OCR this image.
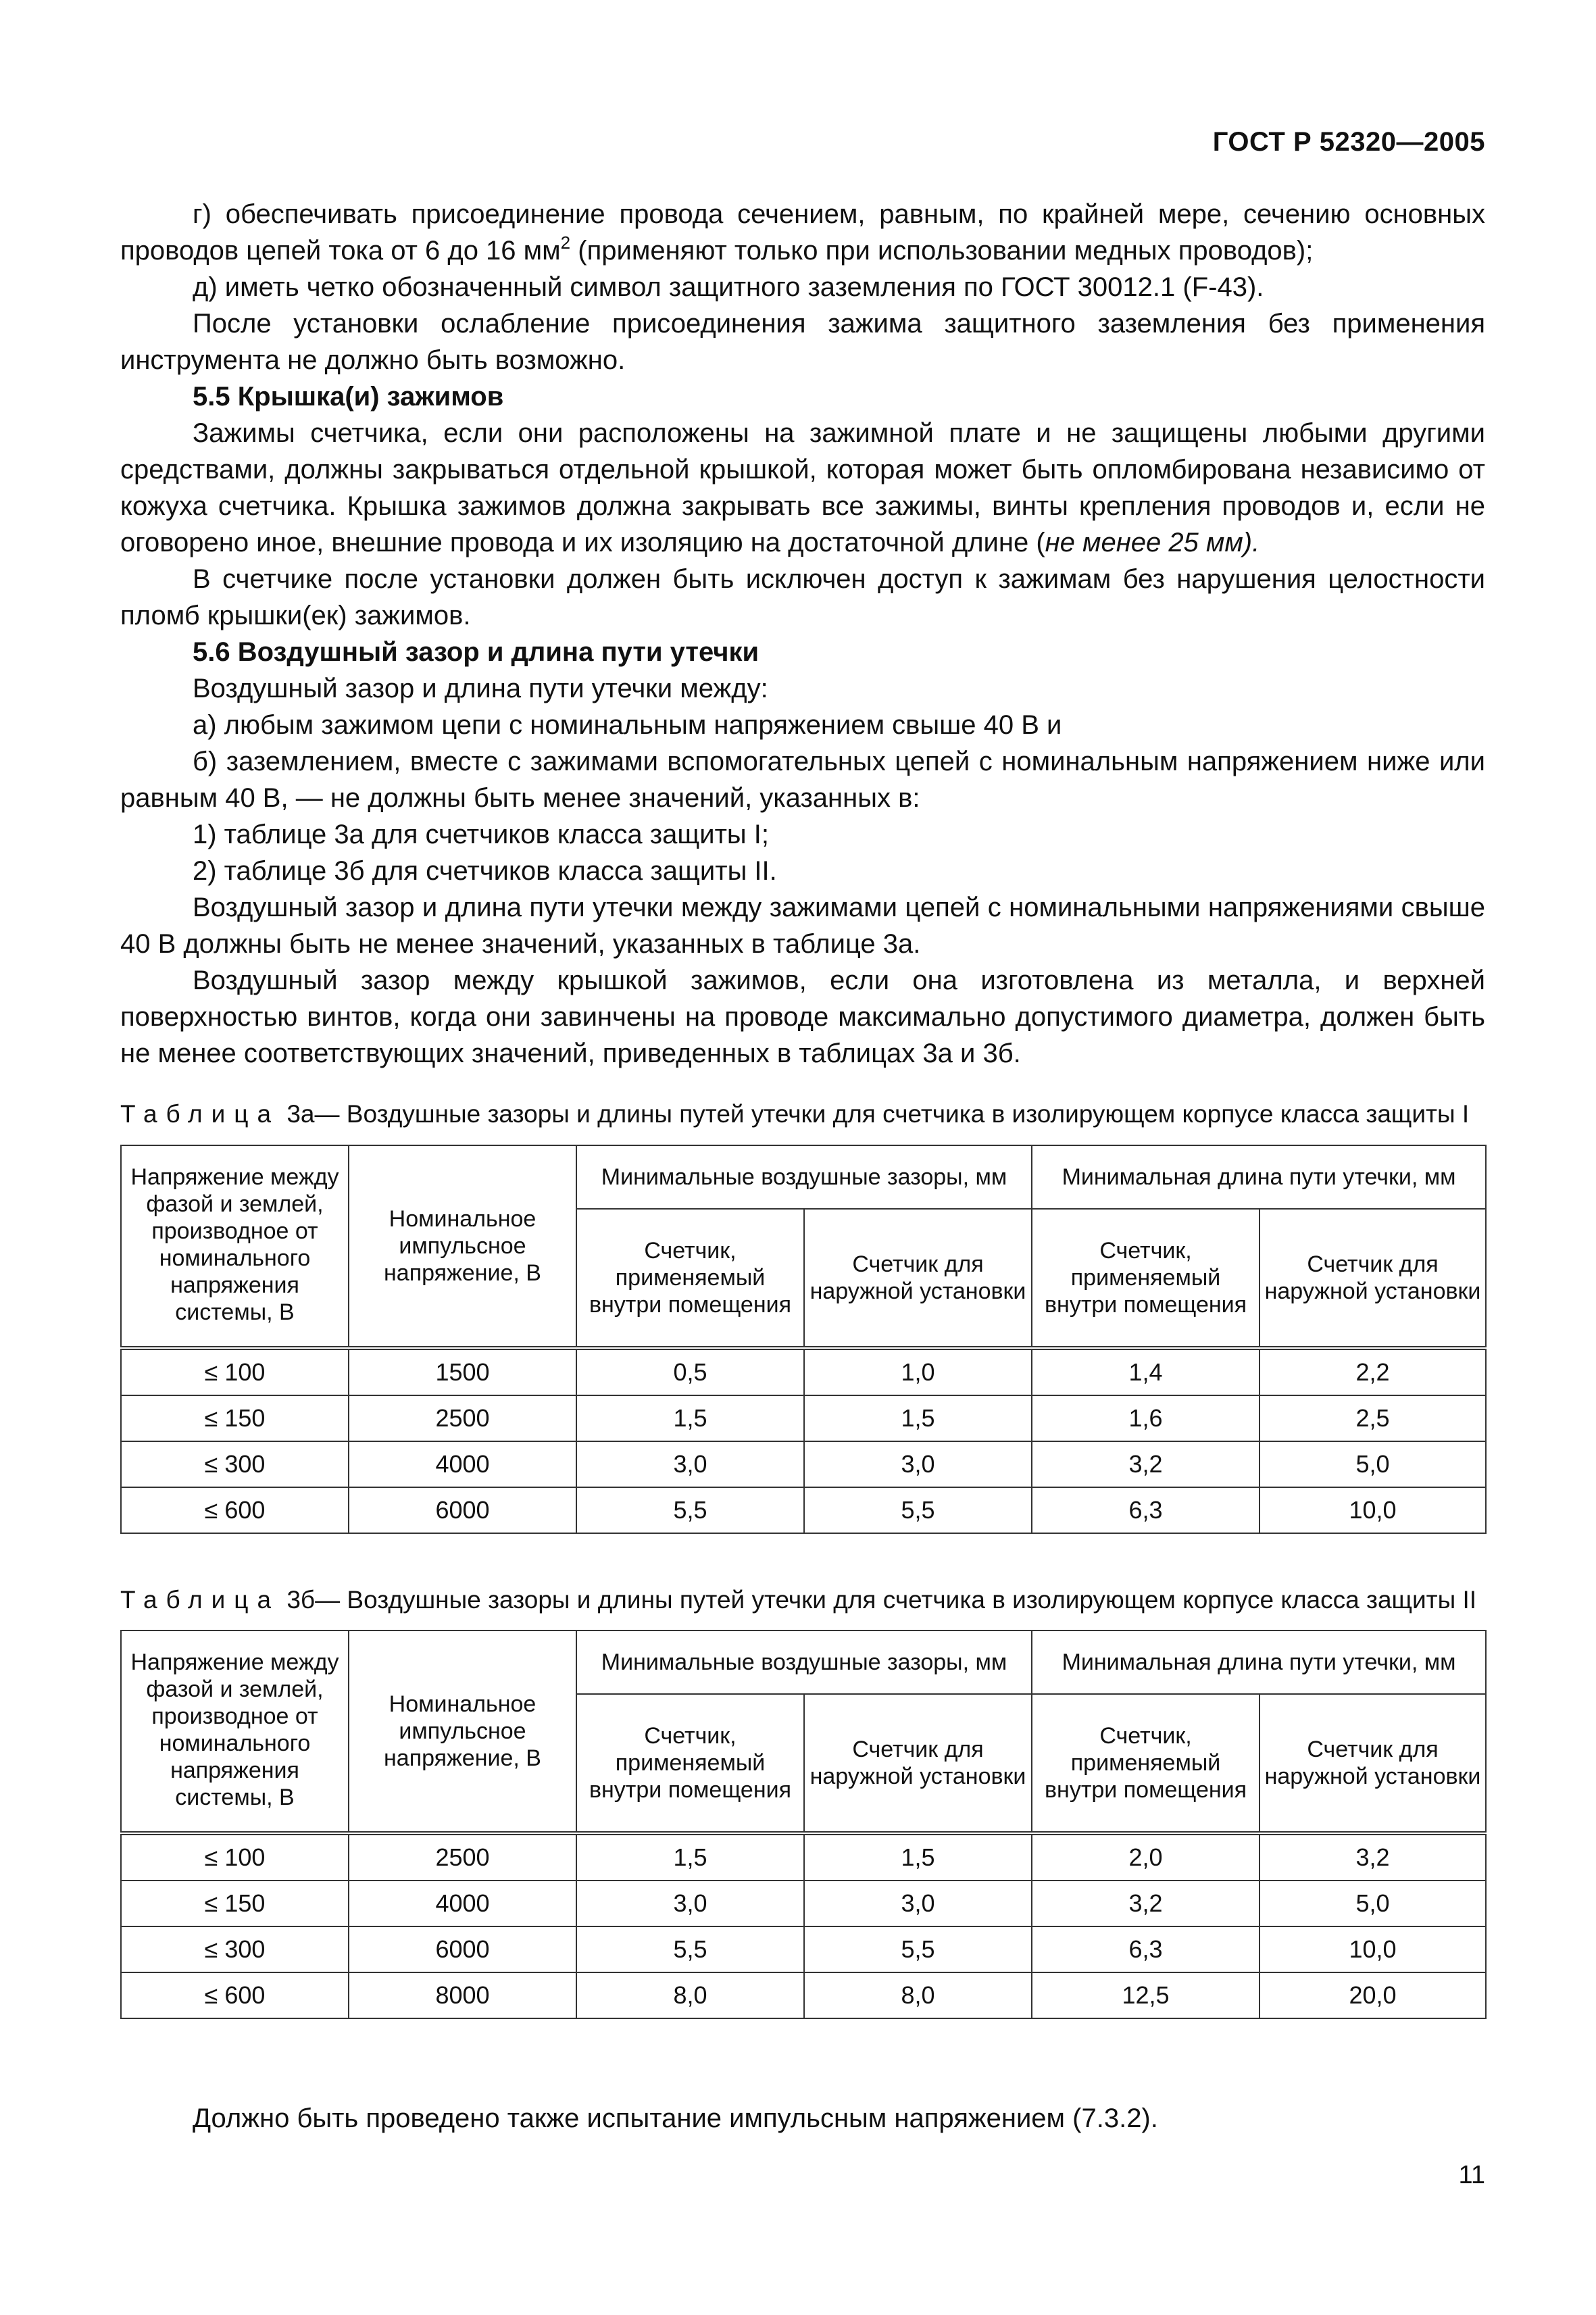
ГОСТ Р 52320—2005

г) обеспечивать присоединение провода сечением, равным, по крайней мере, сечению основных проводов цепей тока от 6 до 16 $мм^2$ (применяют только при использовании медных проводов);

д) иметь четко обозначенный символ защитного заземления по ГОСТ 30012.1 (F-43).

После установки ослабление присоединения зажима защитного заземления без применения инструмента не должно быть возможно.

5.5 Крышка(и) зажимов

Зажимы счетчика, если они расположены на зажимной плате и не защищены любыми другими средствами, должны закрываться отдельной крышкой, которая может быть опломбирована независимо от кожуха счетчика. Крышка зажимов должна закрывать все зажимы, винты крепления проводов и, если не оговорено иное, внешние провода и их изоляцию на достаточной длине (не менее 25 мм).

В счетчике после установки должен быть исключен доступ к зажимам без нарушения целостности пломб крышки(ек) зажимов.

5.6 Воздушный зазор и длина пути утечки

Воздушный зазор и длина пути утечки между:

а) любым зажимом цепи с номинальным напряжением свыше 40 В и

б) заземлением, вместе с зажимами вспомогательных цепей с номинальным напряжением ниже или равным 40 В, — не должны быть менее значений, указанных в:

1) таблице 3а для счетчиков класса защиты I;

2) таблице 3б для счетчиков класса защиты II.

Воздушный зазор и длина пути утечки между зажимами цепей с номинальными напряжениями свыше 40 В должны быть не менее значений, указанных в таблице 3а.

Воздушный зазор между крышкой зажимов, если она изготовлена из металла, и верхней поверхностью винтов, когда они завинчены на проводе максимально допустимого диаметра, должен быть не менее соответствующих значений, приведенных в таблицах 3а и 3б.

Таблица 3а— Воздушные зазоры и длины путей утечки для счетчика в изолирующем корпусе класса защиты I
Напряжение между фазой и землей, производное от номинального напряжения системы, В	Номинальное импульсное напряжение, В	Минимальные воздушные зазоры, мм		Минимальная длина пути утечки, мм	
		Счетчик, применяемый внутри помещения	Счетчик для наружной установки	Счетчик, применяемый внутри помещения	Счетчик для наружной установки
≤ 100	1500	0,5	1,0	1,4	2,2
≤ 150	2500	1,5	1,5	1,6	2,5
≤ 300	4000	3,0	3,0	3,2	5,0
≤ 600	6000	5,5	5,5	6,3	10,0
Таблица 3б— Воздушные зазоры и длины путей утечки для счетчика в изолирующем корпусе класса защиты II
Напряжение между фазой и землей, производное от номинального напряжения системы, В	Номинальное импульсное напряжение, В	Минимальные воздушные зазоры, мм		Минимальная длина пути утечки, мм	
		Счетчик, применяемый внутри помещения	Счетчик для наружной установки	Счетчик, применяемый внутри помещения	Счетчик для наружной установки
≤ 100	2500	1,5	1,5	2,0	3,2
≤ 150	4000	3,0	3,0	3,2	5,0
≤ 300	6000	5,5	5,5	6,3	10,0
≤ 600	8000	8,0	8,0	12,5	20,0
Должно быть проведено также испытание импульсным напряжением (7.3.2).
11
